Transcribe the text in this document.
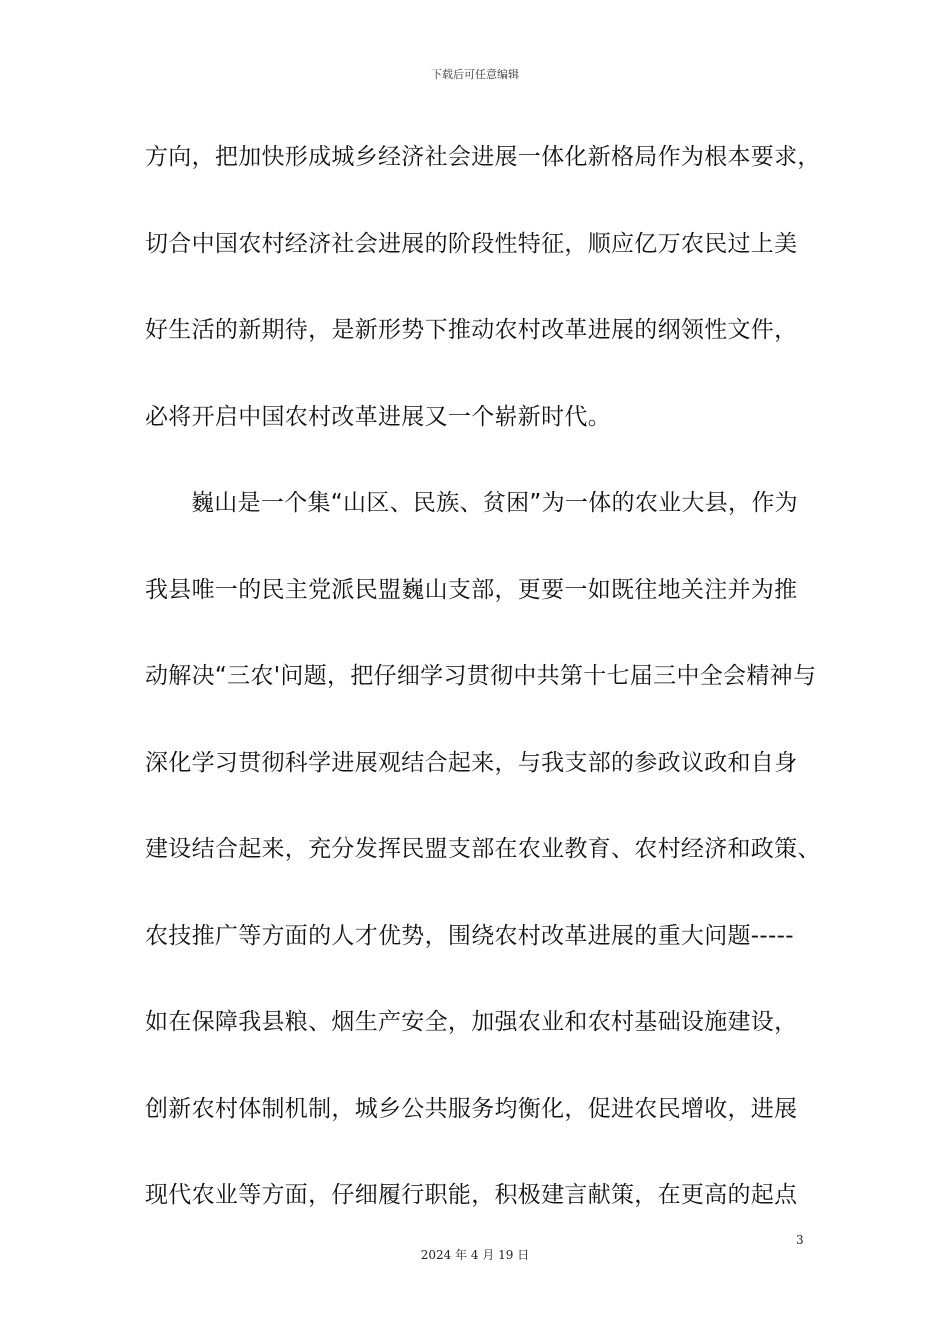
下载后可任意编辑
方向，把加快形成城乡经济社会进展一体化新格局作为根本要求，
切合中国农村经济社会进展的阶段性特征，顺应亿万农民过上美
好生活的新期待，是新形势下推动农村改革进展的纲领性文件，
必将开启中国农村改革进展又一个崭新时代。
巍山是一个集“山区、民族、贫困”为一体的农业大县，作为
我县唯一的民主党派民盟巍山支部，更要一如既往地关注并为推
动解决“三农'问题，把仔细学习贯彻中共第十七届三中全会精神与
深化学习贯彻科学进展观结合起来，与我支部的参政议政和自身
建设结合起来，充分发挥民盟支部在农业教育、农村经济和政策、
农技推广等方面的人才优势，围绕农村改革进展的重大问题-----
如在保障我县粮、烟生产安全，加强农业和农村基础设施建设，
创新农村体制机制，城乡公共服务均衡化，促进农民增收，进展
现代农业等方面，仔细履行职能，积极建言献策，在更高的起点
3
2024 年 4 月 19 日
